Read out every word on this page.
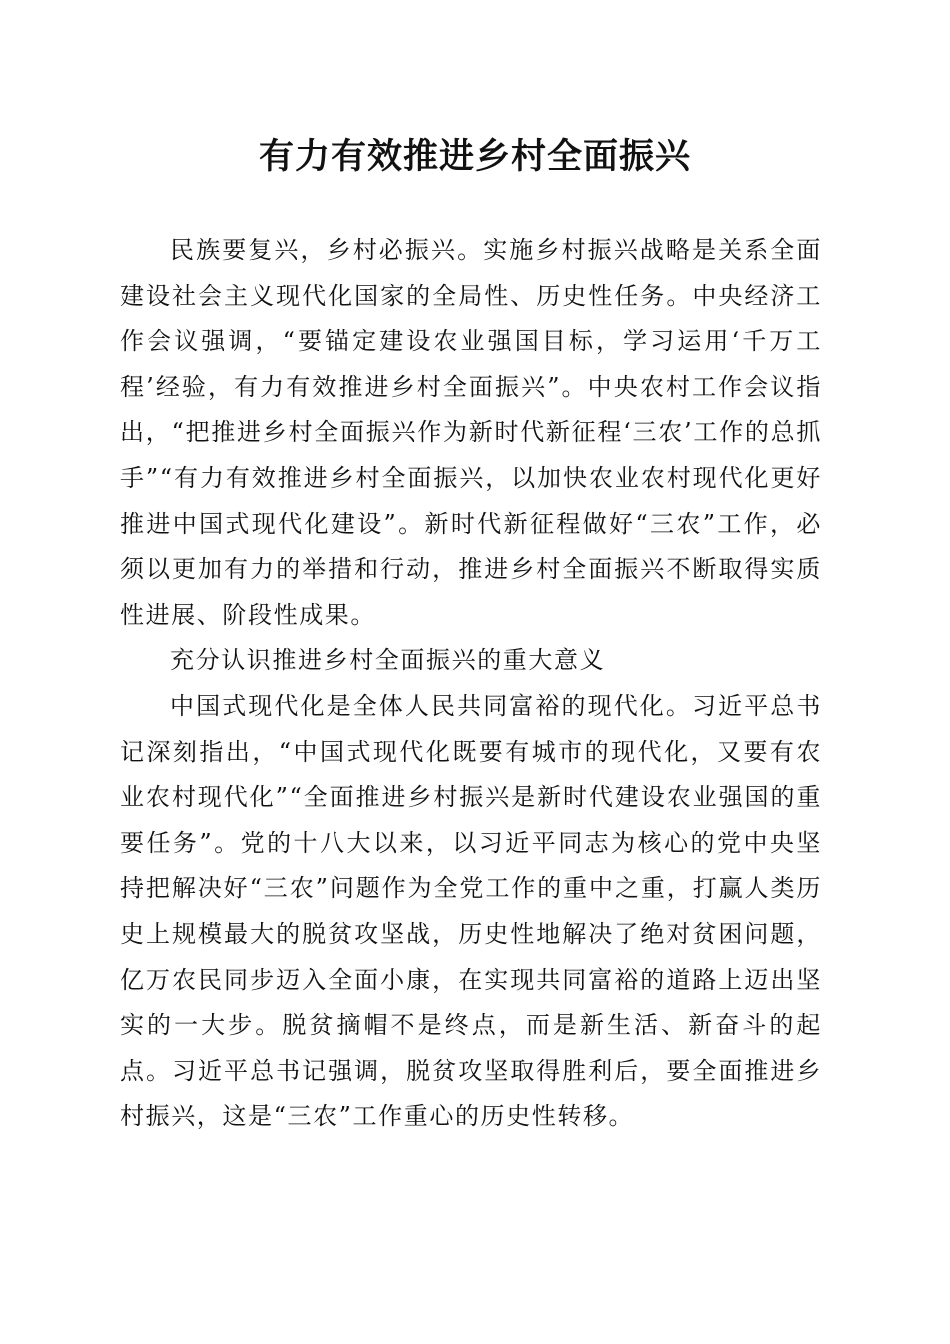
有力有效推进乡村全面振兴

民族要复兴，乡村必振兴。实施乡村振兴战略是关系全面建设社会主义现代化国家的全局性、历史性任务。中央经济工作会议强调，“要锚定建设农业强国目标，学习运用‘千万工程’经验，有力有效推进乡村全面振兴”。中央农村工作会议指出，“把推进乡村全面振兴作为新时代新征程‘三农’工作的总抓手”“有力有效推进乡村全面振兴，以加快农业农村现代化更好推进中国式现代化建设”。新时代新征程做好“三农”工作，必须以更加有力的举措和行动，推进乡村全面振兴不断取得实质性进展、阶段性成果。

充分认识推进乡村全面振兴的重大意义

中国式现代化是全体人民共同富裕的现代化。习近平总书记深刻指出，“中国式现代化既要有城市的现代化，又要有农业农村现代化”“全面推进乡村振兴是新时代建设农业强国的重要任务”。党的十八大以来，以习近平同志为核心的党中央坚持把解决好“三农”问题作为全党工作的重中之重，打赢人类历史上规模最大的脱贫攻坚战，历史性地解决了绝对贫困问题，亿万农民同步迈入全面小康，在实现共同富裕的道路上迈出坚实的一大步。脱贫摘帽不是终点，而是新生活、新奋斗的起点。习近平总书记强调，脱贫攻坚取得胜利后，要全面推进乡村振兴，这是“三农”工作重心的历史性转移。
